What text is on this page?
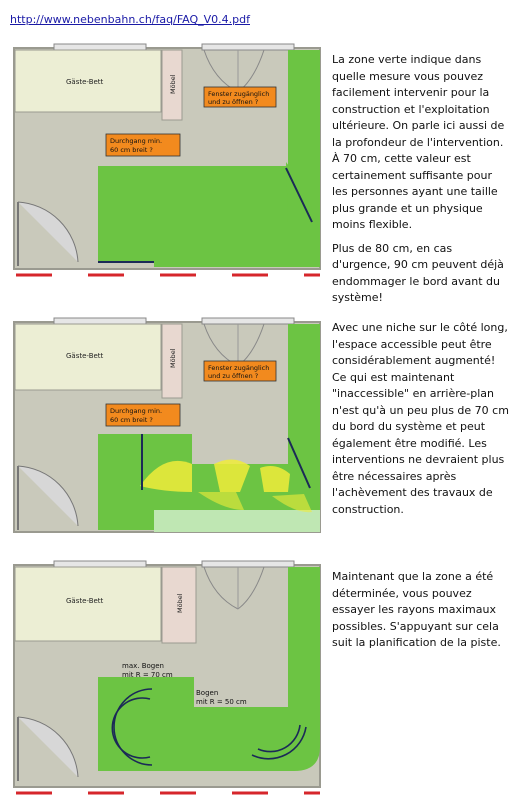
http://www.nebenbahn.ch/faq/FAQ_V0.4.pdf
Fenster zugänglich
und zu öffnen ?
Durchgang min.
60 cm breit ?
Gäste-Bett	Möbel

La zone verte indique dans quelle mesure vous pouvez facilement intervenir pour la construction et l'exploitation ultérieure. On parle ici aussi de la profondeur de l'intervention. À 70 cm, cette valeur est certainement suffisante pour les personnes ayant une taille plus grande et un physique moins flexible.

Plus de 80 cm, en cas d'urgence, 90 cm peuvent déjà endommager le bord avant du système!

Fenster zugänglich
und zu öffnen ?
Durchgang min.
60 cm breit ?
Gäste-Bett	Möbel

Avec une niche sur le côté long, l'espace accessible peut être considérablement augmenté! Ce qui est maintenant "inaccessible" en arrière-plan n'est qu'à un peu plus de 70 cm du bord du système et peut également être modifié. Les interventions ne devraient plus être nécessaires après l'achèvement des travaux de construction.

max. Bogen
mit R = 70 cm
Bogen
mit R = 50 cm
Gäste-Bett	Möbel

Maintenant que la zone a été déterminée, vous pouvez essayer les rayons maximaux possibles. S'appuyant sur cela suit la planification de la piste.
